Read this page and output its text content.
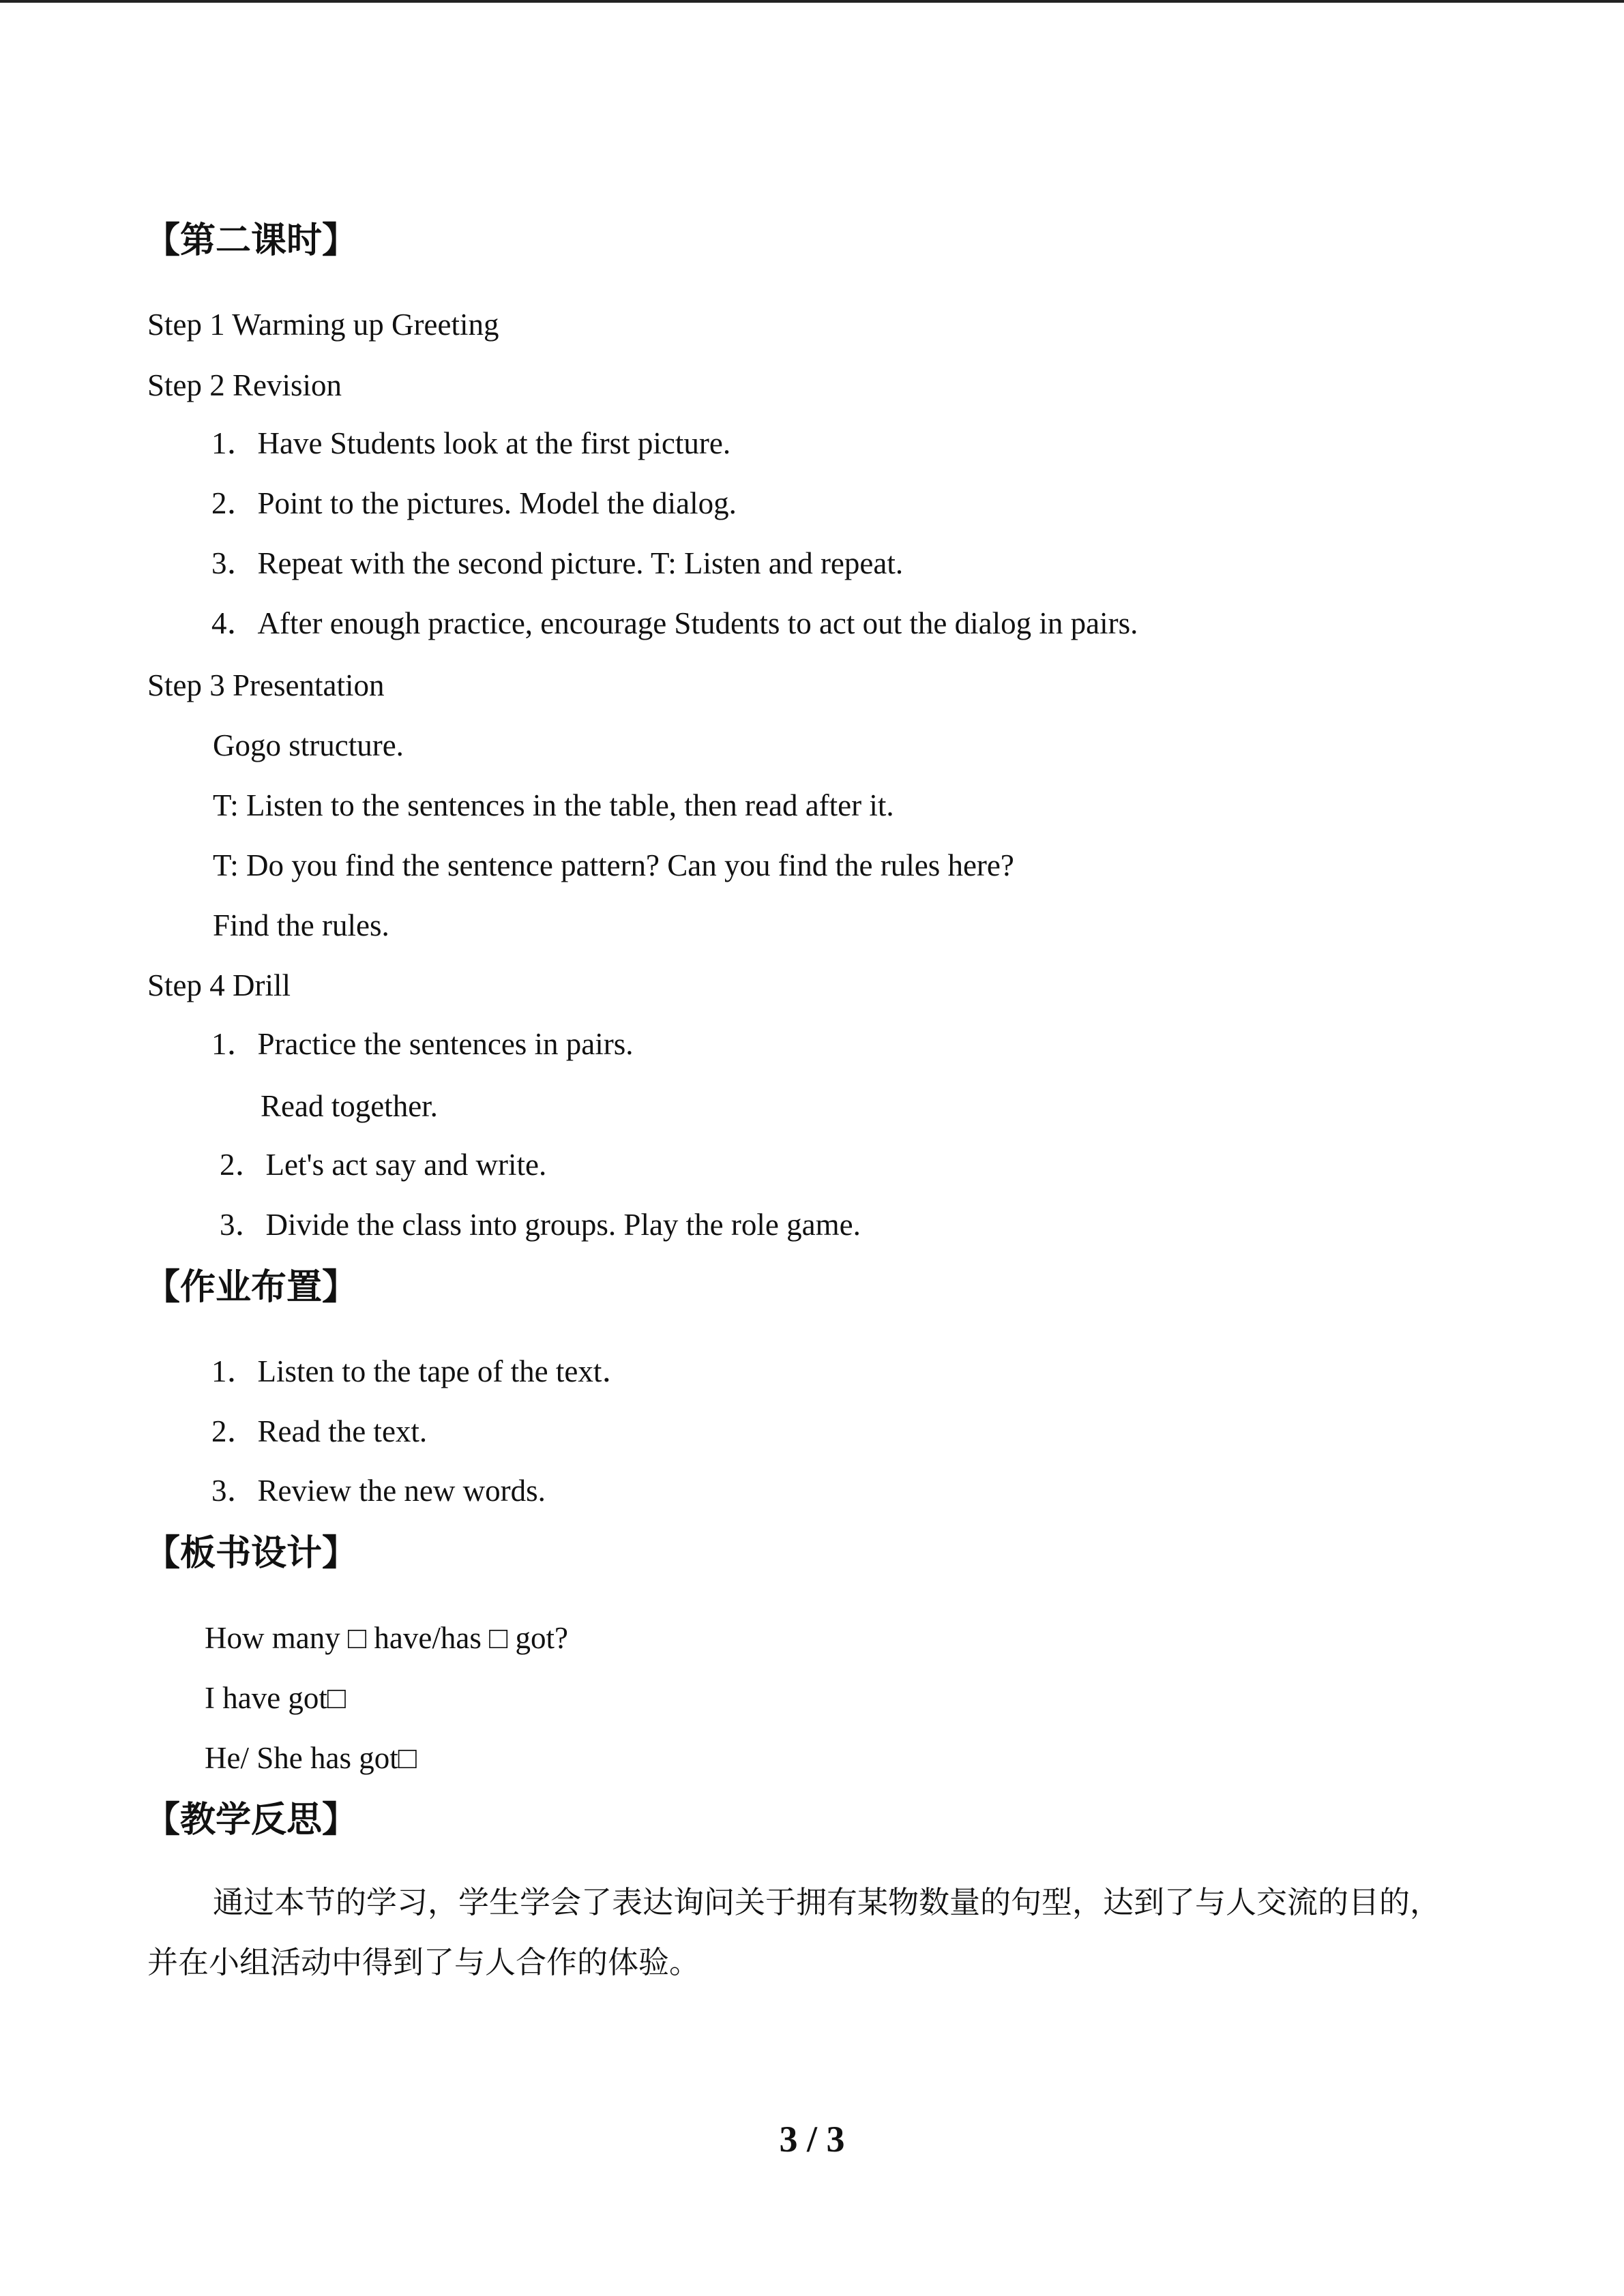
【第二课时】
Step 1 Warming up Greeting
Step 2 Revision
1．Have Students look at the first picture.
2．Point to the pictures. Model the dialog.
3．Repeat with the second picture. T: Listen and repeat.
4．After enough practice, encourage Students to act out the dialog in pairs.
Step 3 Presentation
Gogo structure.
T: Listen to the sentences in the table, then read after it.
T: Do you find the sentence pattern? Can you find the rules here?
Find the rules.
Step 4 Drill
1．Practice the sentences in pairs.
Read together.
2．Let's act say and write.
3．Divide the class into groups. Play the role game.
【作业布置】
1．Listen to the tape of the text．
2．Read the text.
3．Review the new words.
【板书设计】
How many □ have/has □ got?
I have got□
He/ She has got□
【教学反思】

通过本节的学习，学生学会了表达询问关于拥有某物数量的句型，达到了与人交流的目的，并在小组活动中得到了与人合作的体验。

3 / 3
